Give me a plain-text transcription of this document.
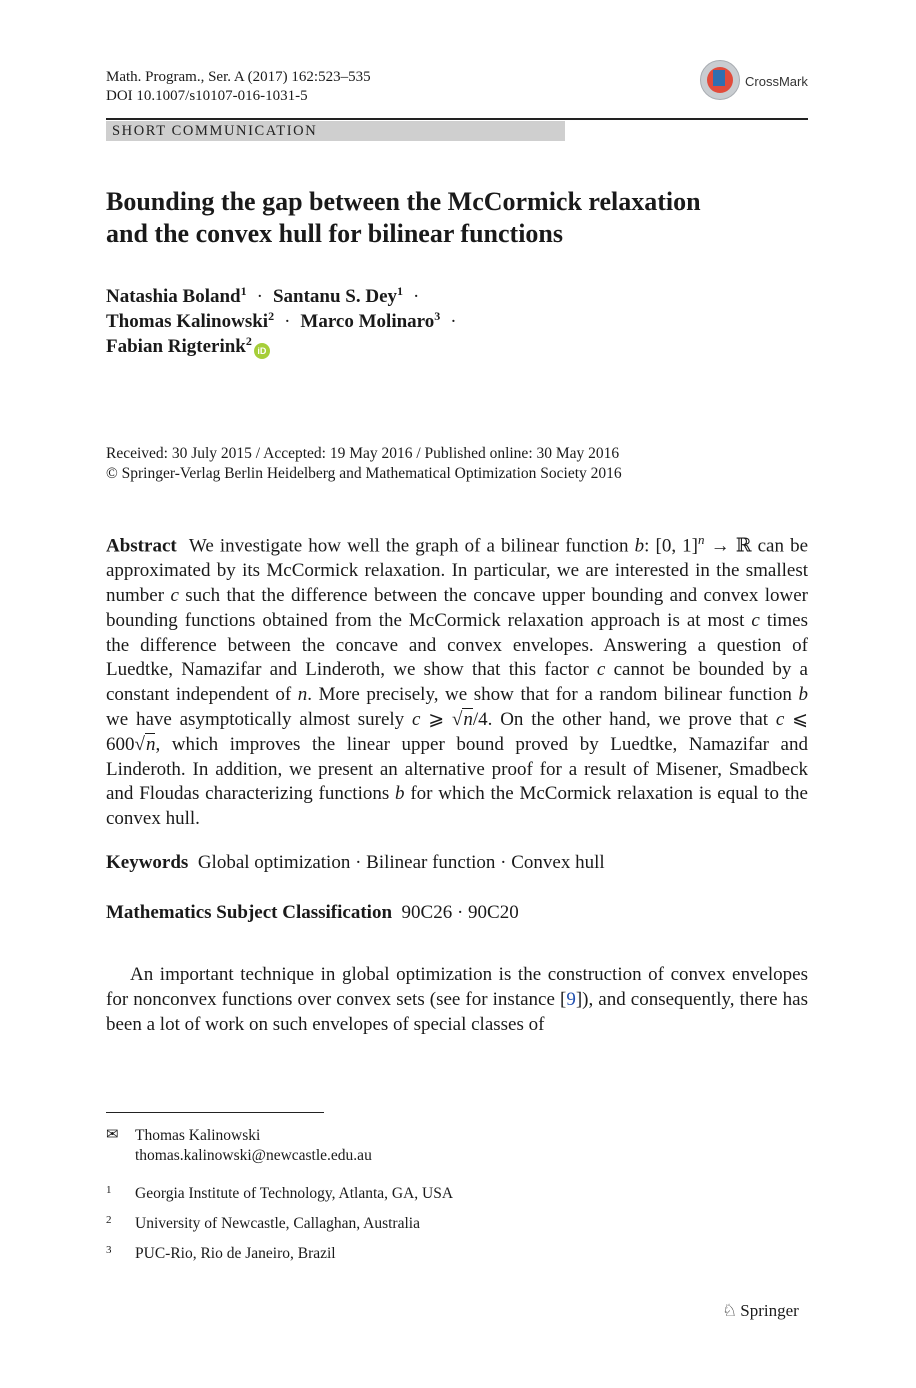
Math. Program., Ser. A (2017) 162:523–535
DOI 10.1007/s10107-016-1031-5
CrossMark
SHORT COMMUNICATION
Bounding the gap between the McCormick relaxation
and the convex hull for bilinear functions
Natashia Boland$^1$ · Santanu S. Dey$^1$ ·
Thomas Kalinowski$^2$ · Marco Molinaro$^3$ ·
Fabian Rigterink$^2$iD
Received: 30 July 2015 / Accepted: 19 May 2016 / Published online: 30 May 2016
© Springer-Verlag Berlin Heidelberg and Mathematical Optimization Society 2016
Abstract We investigate how well the graph of a bilinear function b: [0, 1]$^n$ → ℝ can be approximated by its McCormick relaxation. In particular, we are interested in the smallest number c such that the difference between the concave upper bounding and convex lower bounding functions obtained from the McCormick relaxation approach is at most c times the difference between the concave and convex envelopes. Answering a question of Luedtke, Namazifar and Linderoth, we show that this factor c cannot be bounded by a constant independent of n. More precisely, we show that for a random bilinear function b we have asymptotically almost surely c ⩾ √n/4. On the other hand, we prove that c ⩽ 600√n, which improves the linear upper bound proved by Luedtke, Namazifar and Linderoth. In addition, we present an alternative proof for a result of Misener, Smadbeck and Floudas characterizing functions b for which the McCormick relaxation is equal to the convex hull.
Keywords Global optimization · Bilinear function · Convex hull
Mathematics Subject Classification 90C26 · 90C20
An important technique in global optimization is the construction of convex envelopes for nonconvex functions over convex sets (see for instance [9]), and consequently, there has been a lot of work on such envelopes of special classes of
✉ Thomas Kalinowski
thomas.kalinowski@newcastle.edu.au
1 Georgia Institute of Technology, Atlanta, GA, USA
2 University of Newcastle, Callaghan, Australia
3 PUC-Rio, Rio de Janeiro, Brazil
♘ Springer
